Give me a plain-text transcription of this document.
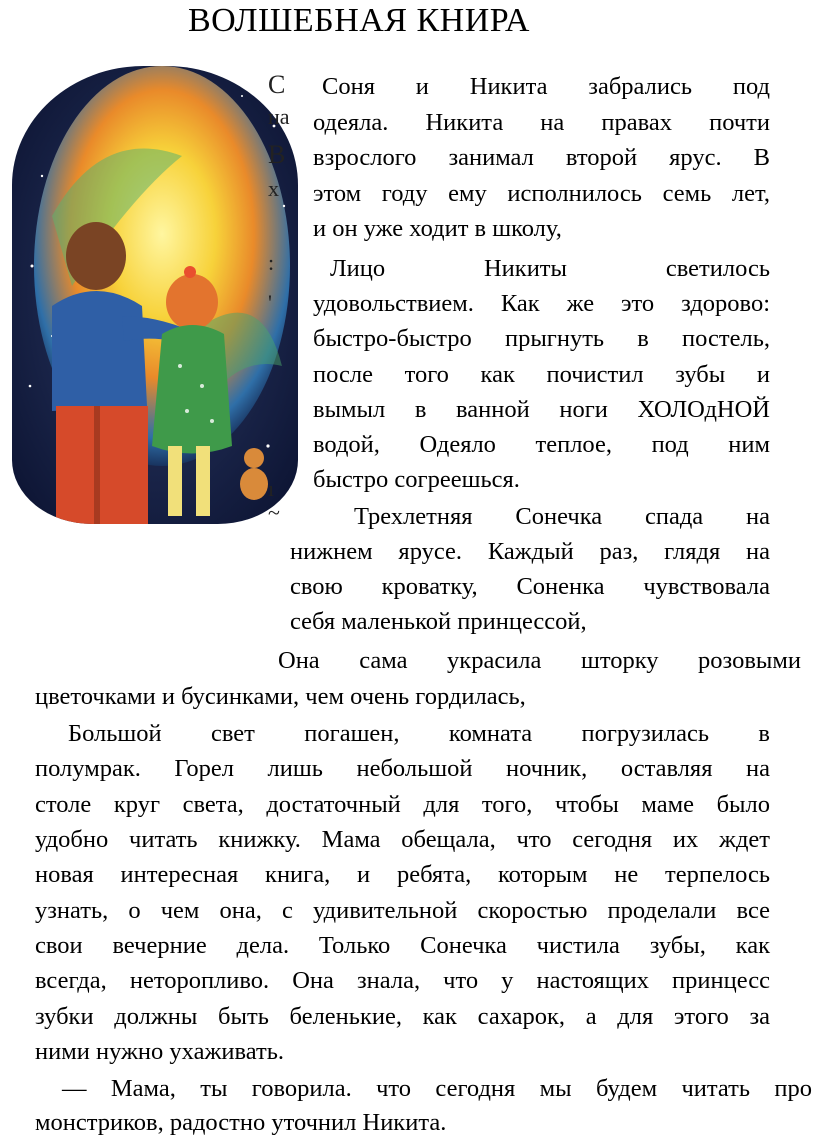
ВОЛШЕБНАЯ КНИРА
С
на
В
х
:
'
ı
~
Соня и Никита забрались под
одеяла. Никита на правах почти
взрослого занимал второй ярус. В
этом году ему исполнилось семь лет,
и он уже ходит в школу,
Лицо Никиты светилось
удовольствием. Как же это здорово:
быстро-быстро прыгнуть в постель,
после того как почистил зубы и
вымыл в ванной ноги ХОЛОдНОЙ
водой, Одеяло теплое, под ним
быстро согреешься.
Трехлетняя Сонечка спада на
нижнем ярусе. Каждый раз, глядя на
свою кроватку, Соненка чувствовала
себя маленькой принцессой,
Она сама украсила шторку розовыми
цветочками и бусинками, чем очень гордилась,
Большой свет погашен, комната погрузилась в
полумрак. Горел лишь небольшой ночник, оставляя на
столе круг света, достаточный для того, чтобы маме было
удобно читать книжку. Мама обещала, что сегодня их ждет
новая интересная книга, и ребята, которым не терпелось
узнать, о чем она, с удивительной скоростью проделали все
свои вечерние дела. Только Сонечка чистила зубы, как
всегда, неторопливо. Она знала, что у настоящих принцесс
зубки должны быть беленькие, как сахарок, а для этого за
ними нужно ухаживать.
— Мама, ты говорила. что сегодня мы будем читать про
монстриков, радостно уточнил Никита.
